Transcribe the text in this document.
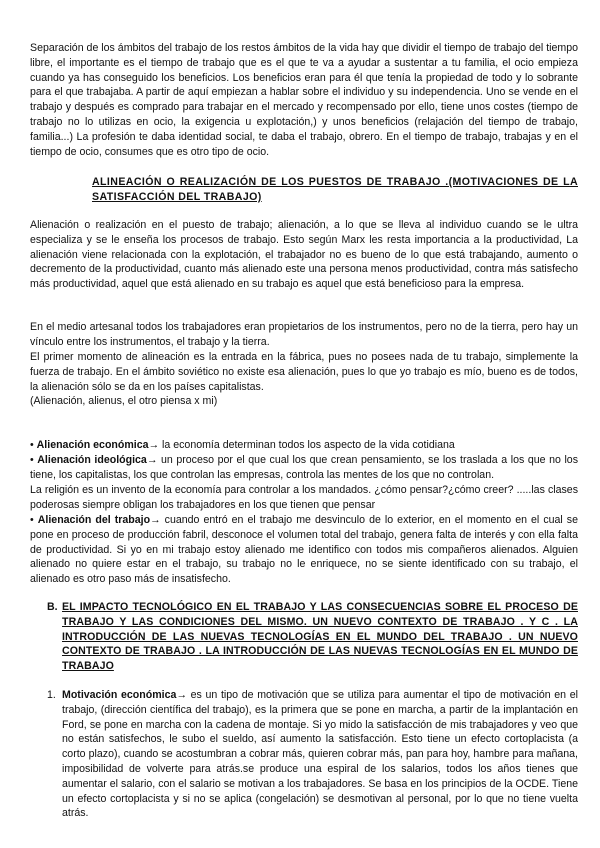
Separación de los ámbitos del trabajo de los restos ámbitos de la vida hay que dividir el tiempo de trabajo del tiempo libre, el importante es el tiempo de trabajo que es el que te va a ayudar a sustentar a tu familia, el ocio empieza cuando ya has conseguido los beneficios. Los beneficios eran para él que tenía la propiedad de todo y lo sobrante para el que trabajaba. A partir de aquí empiezan a hablar sobre el individuo y su independencia. Uno se vende en el trabajo y después es comprado para trabajar en el mercado y recompensado por ello, tiene unos costes (tiempo de trabajo no lo utilizas en ocio, la exigencia u explotación,) y unos beneficios (relajación del tiempo de trabajo, familia...) La profesión te daba identidad social, te daba el trabajo, obrero. En el tiempo de trabajo, trabajas y en el tiempo de ocio, consumes que es otro tipo de ocio.

ALINEACIÓN O REALIZACIÓN DE LOS PUESTOS DE TRABAJO .(MOTIVACIONES DE LA SATISFACCIÓN DEL TRABAJO)

Alienación o realización en el puesto de trabajo; alienación, a lo que se lleva al individuo cuando se le ultra especializa y se le enseña los procesos de trabajo. Esto según Marx les resta importancia a la productividad, La alienación viene relacionada con la explotación, el trabajador no es bueno de lo que está trabajando, aumento o decremento de la productividad, cuanto más alienado este una persona menos productividad, contra más satisfecho más productividad, aquel que está alienado en su trabajo es aquel que está beneficioso para la empresa.

En el medio artesanal todos los trabajadores eran propietarios de los instrumentos, pero no de la tierra, pero hay un vínculo entre los instrumentos, el trabajo y la tierra.

El primer momento de alineación es la entrada en la fábrica, pues no posees nada de tu trabajo, simplemente la fuerza de trabajo. En el ámbito soviético no existe esa alienación, pues lo que yo trabajo es mío, bueno es de todos, la alienación sólo se da en los países capitalistas.

(Alienación, alienus, el otro piensa x mi)

• Alienación económica→ la economía determinan todos los aspecto de la vida cotidiana

• Alienación ideológica→ un proceso por el que cual los que crean pensamiento, se los traslada a los que no los tiene, los capitalistas, los que controlan las empresas, controla las mentes de los que no controlan.

La religión es un invento de la economía para controlar a los mandados. ¿cómo pensar?¿cómo creer? .....las clases poderosas siempre obligan los trabajadores en los que tienen que pensar

• Alienación del trabajo→ cuando entró en el trabajo me desvinculo de lo exterior, en el momento en el cual se pone en proceso de producción fabril, desconoce el volumen total del trabajo, genera falta de interés y con ella falta de productividad. Si yo en mi trabajo estoy alienado me identifico con todos mis compañeros alienados. Alguien alienado no quiere estar en el trabajo, su trabajo no le enriquece, no se siente identificado con su trabajo, el alienado es otro paso más de insatisfecho.

B. EL IMPACTO TECNOLÓGICO EN EL TRABAJO Y LAS CONSECUENCIAS SOBRE EL PROCESO DE TRABAJO Y LAS CONDICIONES DEL MISMO. UN NUEVO CONTEXTO DE TRABAJO . Y C . LA INTRODUCCIÓN DE LAS NUEVAS TECNOLOGÍAS EN EL MUNDO DEL TRABAJO . UN NUEVO CONTEXTO DE TRABAJO . LA INTRODUCCIÓN DE LAS NUEVAS TECNOLOGÍAS EN EL MUNDO DE TRABAJO

1. Motivación económica→ es un tipo de motivación que se utiliza para aumentar el tipo de motivación en el trabajo, (dirección científica del trabajo), es la primera que se pone en marcha, a partir de la implantación en Ford, se pone en marcha con la cadena de montaje. Si yo mido la satisfacción de mis trabajadores y veo que no están satisfechos, le subo el sueldo, así aumento la satisfacción. Esto tiene un efecto cortoplacista (a corto plazo), cuando se acostumbran a cobrar más, quieren cobrar más, pan para hoy, hambre para mañana, imposibilidad de volverte para atrás.se produce una espiral de los salarios, todos los años tienes que aumentar el salario, con el salario se motivan a los trabajadores. Se basa en los principios de la OCDE. Tiene un efecto cortoplacista y si no se aplica (congelación) se desmotivan al personal, por lo que no tiene vuelta atrás.
